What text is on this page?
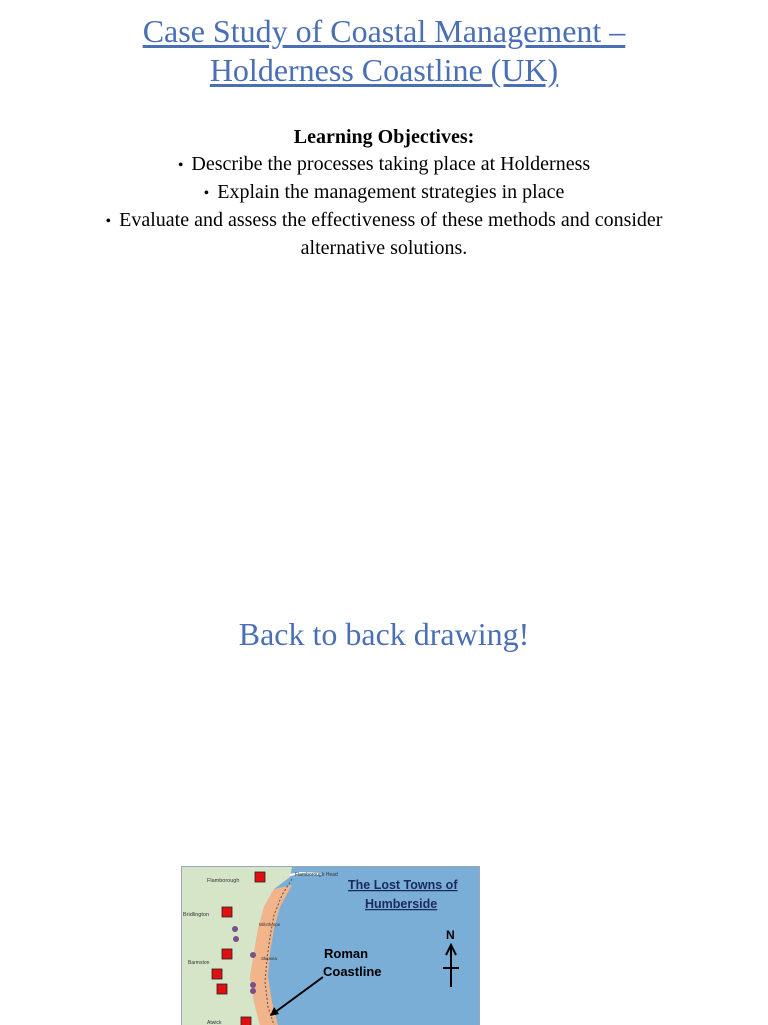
Case Study of Coastal Management –
Holderness Coastline (UK)
Learning Objectives:
•  Describe the processes taking place at Holderness
•  Explain the management strategies in place
•  Evaluate and assess the effectiveness of these methods and consider alternative solutions.
Back to back drawing!
Flamborough
Flamborough Head
Bridlington
Wilsthorpe
Barmston
Skipsea
Atwick
The Lost Towns of
Humberside
Roman
Coastline
N
